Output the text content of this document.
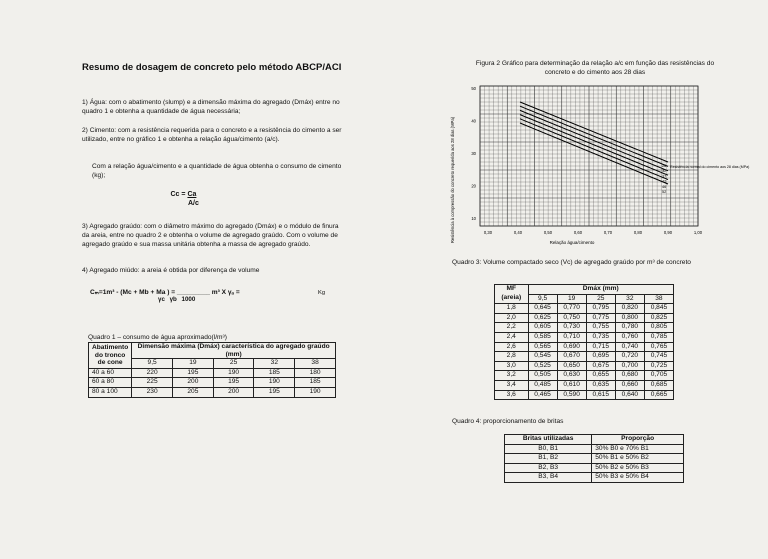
Resumo de dosagem de concreto pelo método ABCP/ACI
1) Água: com o abatimento (slump) e a dimensão máxima do agregado (Dmáx) entre no quadro 1 e obtenha a quantidade de água necessária;
2) Cimento: com a resistência requerida para o concreto e a resistência do cimento a ser utilizado, entre no gráfico 1 e obtenha a relação água/cimento (a/c).
Com a relação água/cimento e a quantidade de água obtenha o consumo de cimento (kg);
Cc = Ca
A/c
3) Agregado graúdo: com o diâmetro máximo do agregado (Dmáx) e o módulo de finura da areia, entre no quadro 2 e obtenha o volume de agregado graúdo. Com o volume de agregado graúdo e sua massa unitária obtenha a massa de agregado graúdo.
4) Agregado miúdo: a areia é obtida por diferença de volume
Cₘ=1m³ - (Mc + Mb + Ma ) = _________ m³ X γₐ =	Kg
γc γb 1000
Quadro 1 – consumo de água aproximado(l/m³)
Abatimento
do tronco
de cone	Dimensão máxima (Dmáx) característica do agregado graúdo (mm)				
	9,5	19	25	32	38
40 a 60	220	195	190	185	180
60 a 80	225	200	195	190	185
80 a 100	230	205	200	195	190
Figura 2 Gráfico para determinação da relação a/c em função das resistências do concreto e do cimento aos 28 dias
Resistência à compressão do concreto requerida aos 28 dias (MPa)	Relação água/cimento
50
40
30
20
10
0,30	0,40	0,50	0,60	0,70	0,80	0,90	1,00
Resistência normal do cimento aos 28 dias (MPa)
26
32
37
42
46
52
Quadro 3: Volume compactado seco (Vc) de agregado graúdo por m³ de concreto
MF	Dmáx (mm)				
(areia)	9,5	19	25	32	38
1,8	0,645	0,770	0,795	0,820	0,845
2,0	0,625	0,750	0,775	0,800	0,825
2,2	0,605	0,730	0,755	0,780	0,805
2,4	0,585	0,710	0,735	0,760	0,785
2,6	0,565	0,690	0,715	0,740	0,765
2,8	0,545	0,670	0,695	0,720	0,745
3,0	0,525	0,650	0,675	0,700	0,725
3,2	0,505	0,630	0,655	0,680	0,705
3,4	0,485	0,610	0,635	0,660	0,685
3,6	0,465	0,590	0,615	0,640	0,665
Quadro 4: proporcionamento de britas
Britas utilizadas	Proporção
B0, B1	30% B0 e 70% B1
B1, B2	50% B1 e 50% B2
B2, B3	50% B2 e 50% B3
B3, B4	50% B3 e 50% B4
